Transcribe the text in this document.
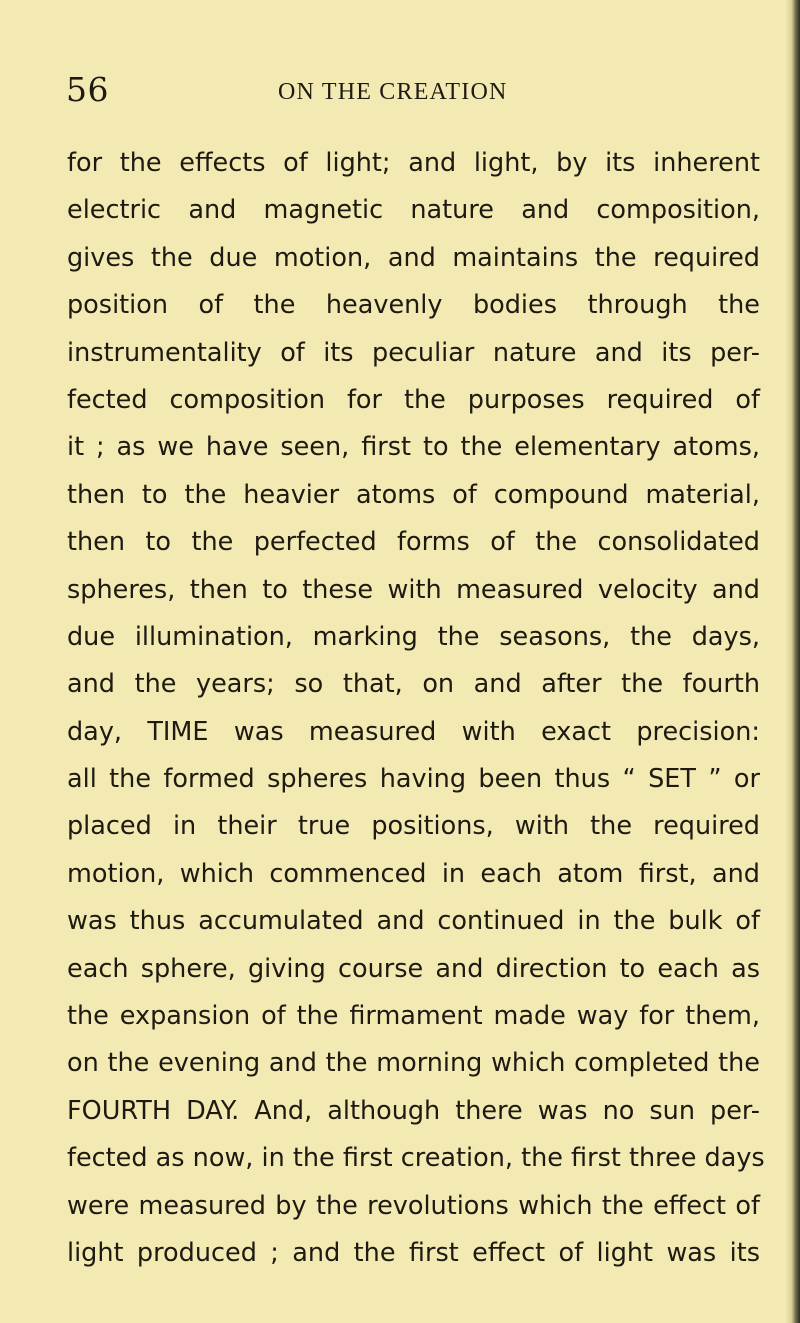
56	ON THE CREATION
for the effects of light; and light, by its inherent
electric and magnetic nature and composition,
gives the due motion, and maintains the required
position of the heavenly bodies through the
instrumentality of its peculiar nature and its per-
fected composition for the purposes required of
it ; as we have seen, first to the elementary atoms,
then to the heavier atoms of compound material,
then to the perfected forms of the consolidated
spheres, then to these with measured velocity and
due illumination, marking the seasons, the days,
and the years; so that, on and after the fourth
day, TIME was measured with exact precision:
all the formed spheres having been thus “ SET ” or
placed in their true positions, with the required
motion, which commenced in each atom first, and
was thus accumulated and continued in the bulk of
each sphere, giving course and direction to each as
the expansion of the firmament made way for them,
on the evening and the morning which completed the
FOURTH DAY. And, although there was no sun per-
fected as now, in the first creation, the first three days
were measured by the revolutions which the effect of
light produced ; and the first effect of light was its
